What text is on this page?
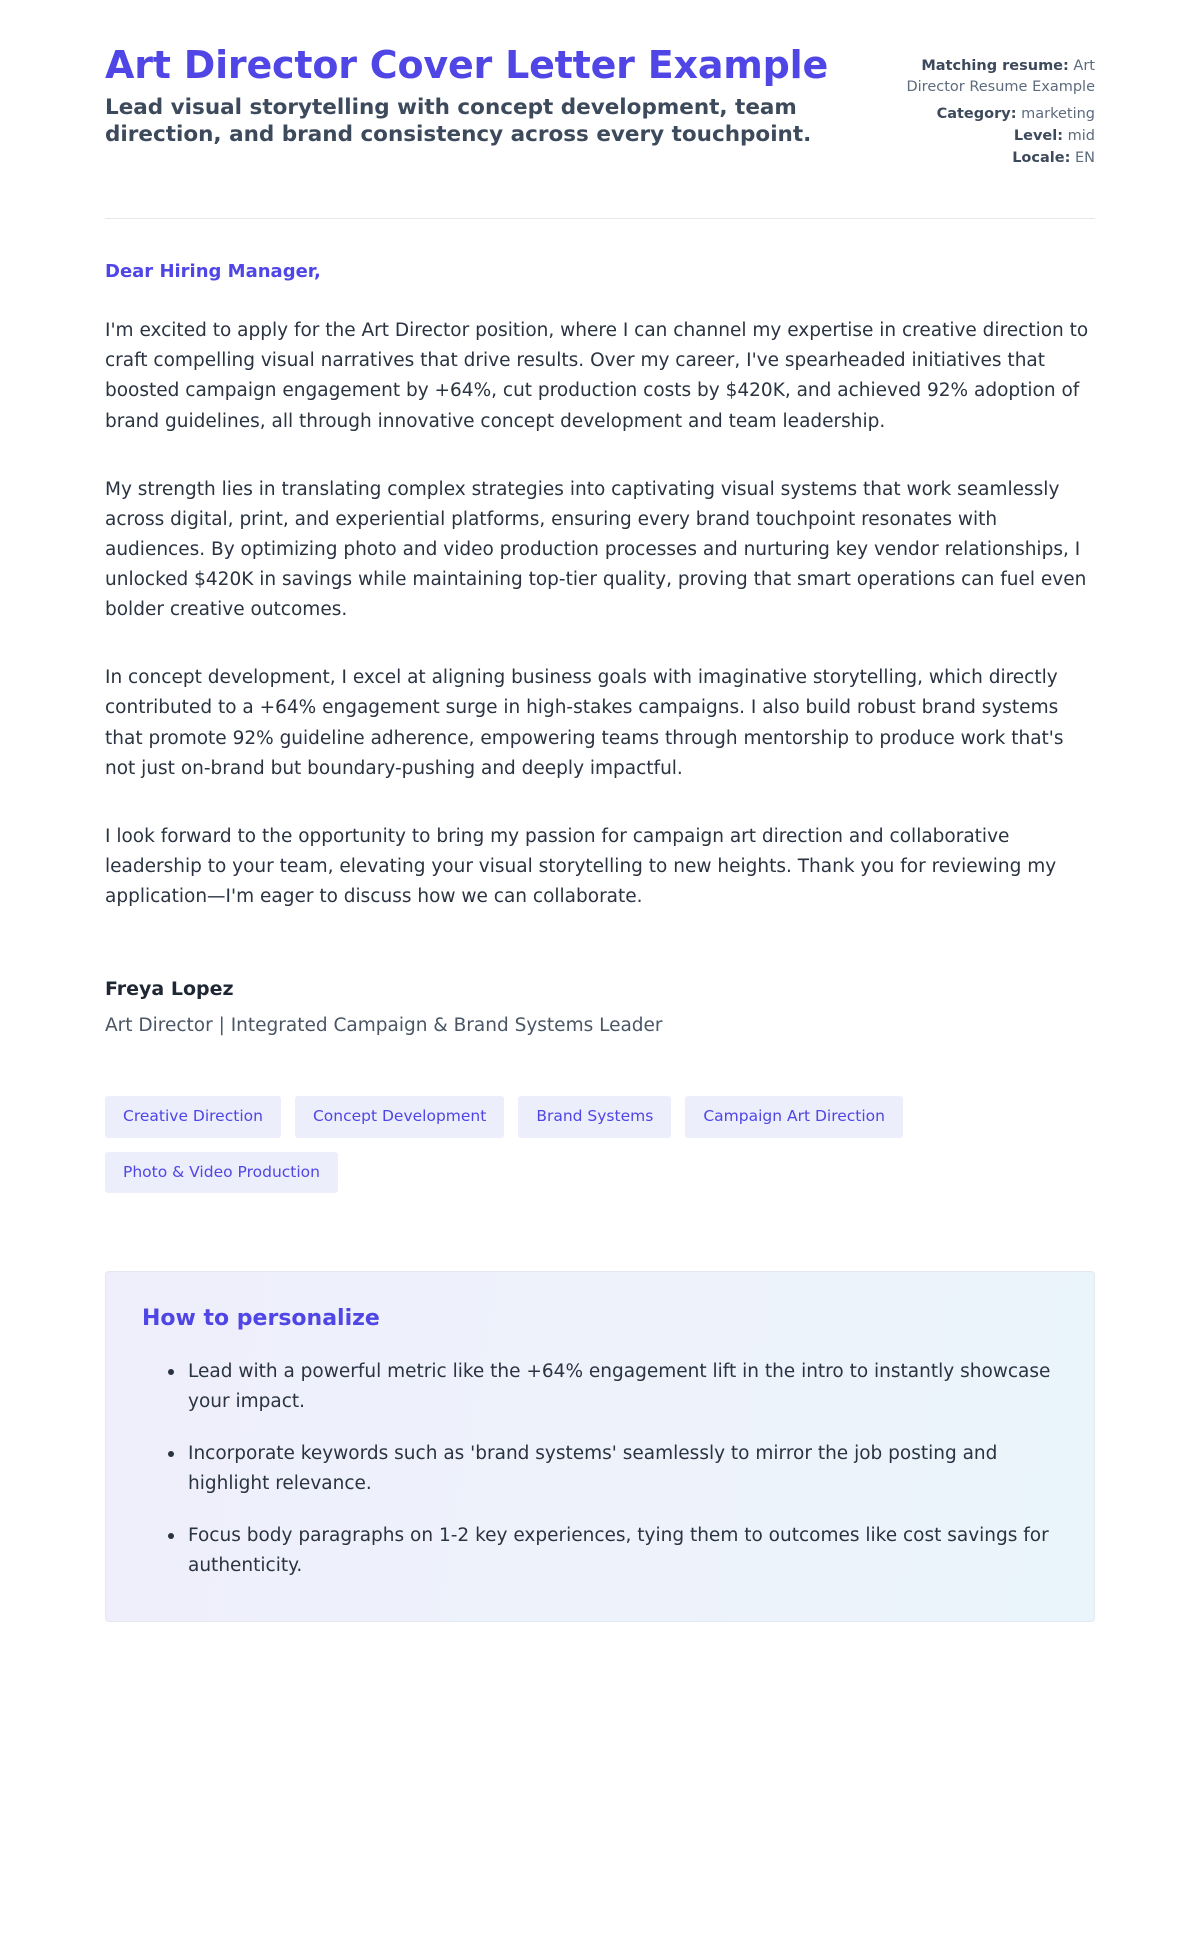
Art Director Cover Letter Example

Lead visual storytelling with concept development, team direction, and brand consistency across every touchpoint.

Matching resume: Art Director Resume Example
Category: marketing
Level: mid
Locale: EN

Dear Hiring Manager,

I'm excited to apply for the Art Director position, where I can channel my expertise in creative direction to craft compelling visual narratives that drive results. Over my career, I've spearheaded initiatives that boosted campaign engagement by +64%, cut production costs by $420K, and achieved 92% adoption of brand guidelines, all through innovative concept development and team leadership.

My strength lies in translating complex strategies into captivating visual systems that work seamlessly across digital, print, and experiential platforms, ensuring every brand touchpoint resonates with audiences. By optimizing photo and video production processes and nurturing key vendor relationships, I unlocked $420K in savings while maintaining top-tier quality, proving that smart operations can fuel even bolder creative outcomes.

In concept development, I excel at aligning business goals with imaginative storytelling, which directly contributed to a +64% engagement surge in high-stakes campaigns. I also build robust brand systems that promote 92% guideline adherence, empowering teams through mentorship to produce work that's not just on-brand but boundary-pushing and deeply impactful.

I look forward to the opportunity to bring my passion for campaign art direction and collaborative leadership to your team, elevating your visual storytelling to new heights. Thank you for reviewing my application—I'm eager to discuss how we can collaborate.

Freya Lopez

Art Director | Integrated Campaign & Brand Systems Leader

Creative Direction	Concept Development	Brand Systems	Campaign Art Direction
Photo & Video Production
How to personalize
Lead with a powerful metric like the +64% engagement lift in the intro to instantly showcase your impact.
Incorporate keywords such as 'brand systems' seamlessly to mirror the job posting and highlight relevance.
Focus body paragraphs on 1-2 key experiences, tying them to outcomes like cost savings for authenticity.
